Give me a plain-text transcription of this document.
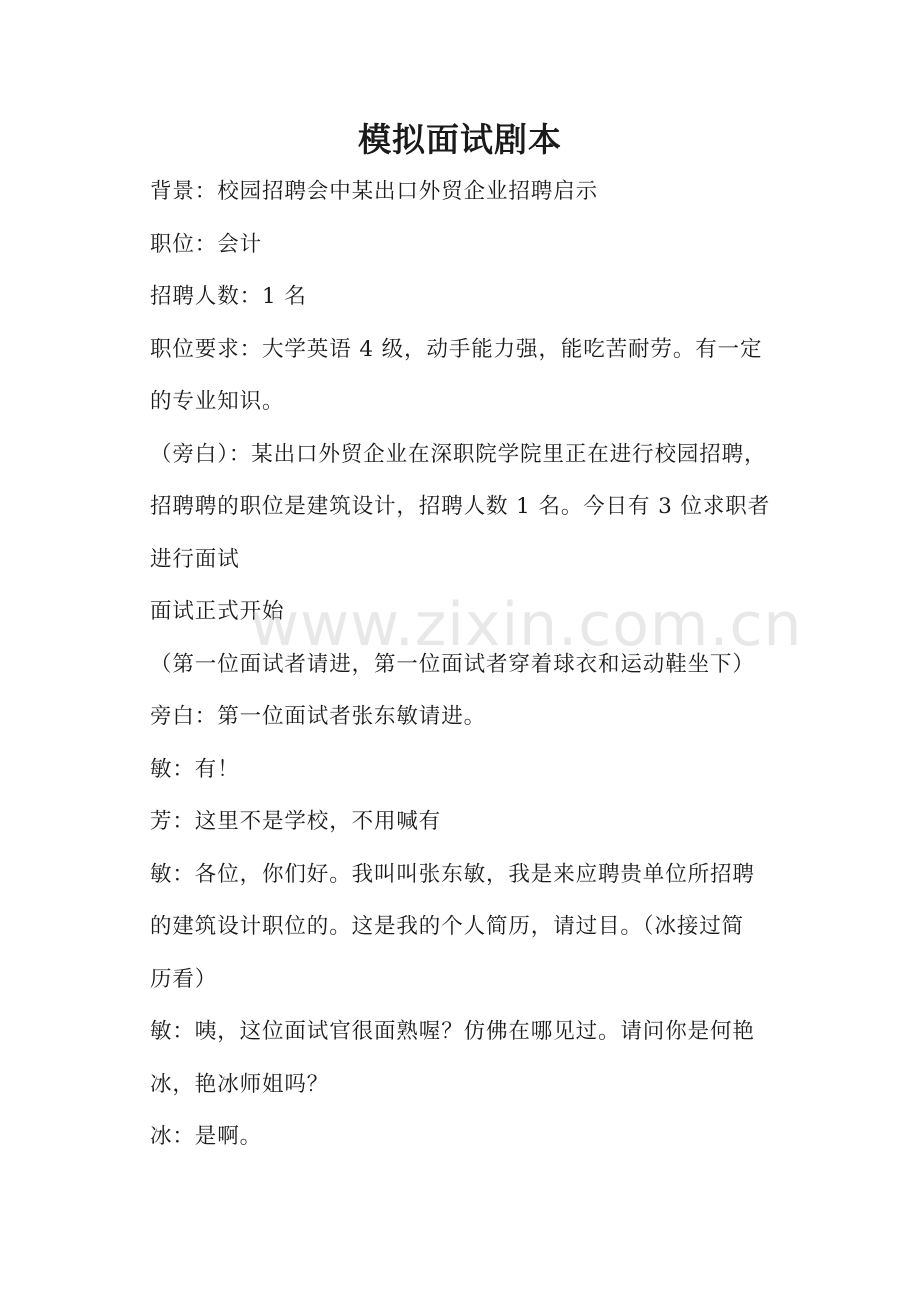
模拟面试剧本

背景：校园招聘会中某出口外贸企业招聘启示

职位：会计

招聘人数：1 名

职位要求：大学英语 4 级，动手能力强，能吃苦耐劳。有一定

的专业知识。

（旁白）：某出口外贸企业在深职院学院里正在进行校园招聘，

招聘聘的职位是建筑设计，招聘人数 1 名。今日有 3 位求职者

进行面试

面试正式开始

（第一位面试者请进，第一位面试者穿着球衣和运动鞋坐下）

旁白：第一位面试者张东敏请进。

敏：有！

芳：这里不是学校，不用喊有

敏：各位，你们好。我叫叫张东敏，我是来应聘贵单位所招聘

的建筑设计职位的。这是我的个人简历，请过目。（冰接过简

历看）

敏：咦，这位面试官很面熟喔？仿佛在哪见过。请问你是何艳

冰，艳冰师姐吗？

冰：是啊。

www.zixin.com.cn
